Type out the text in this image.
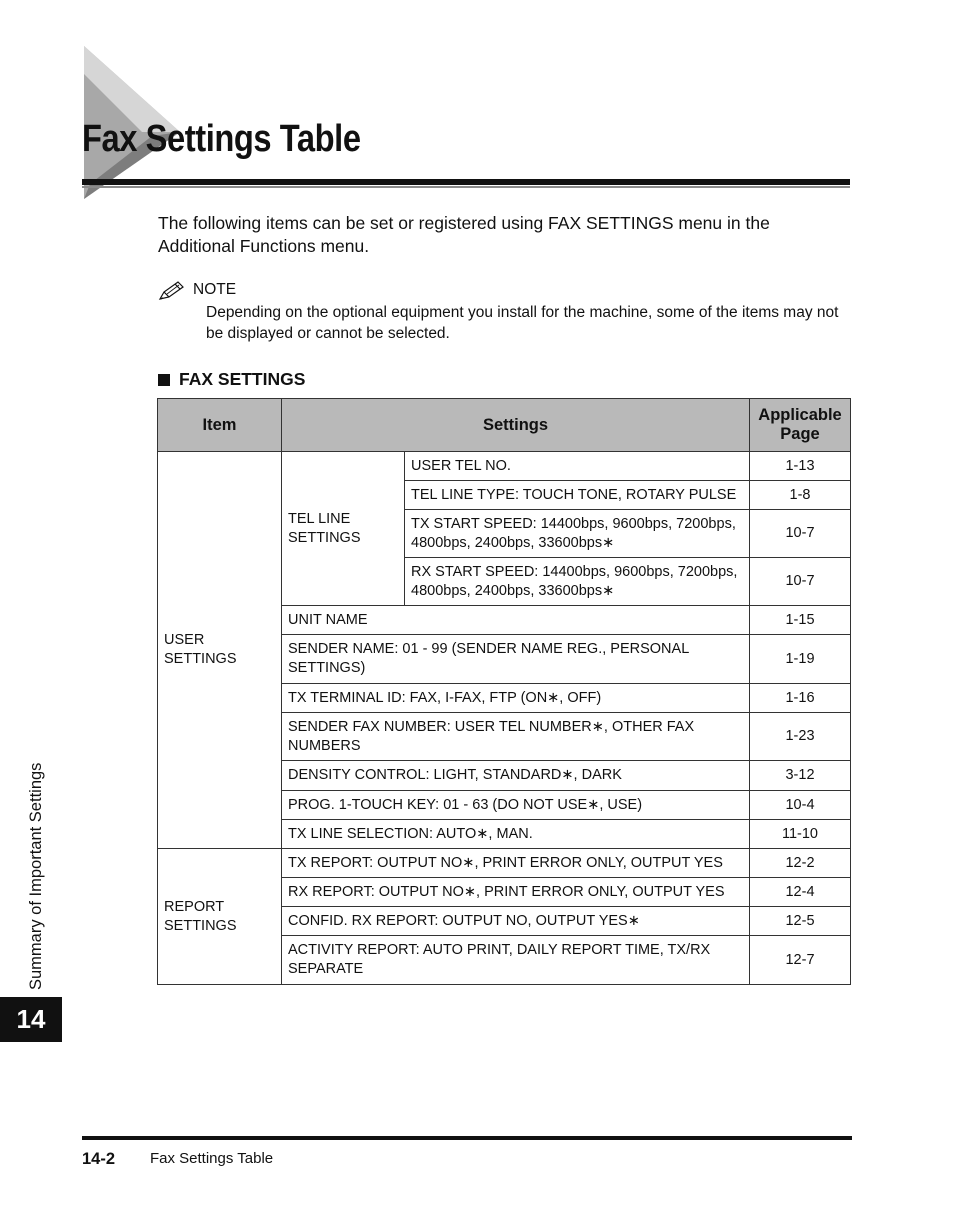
Fax Settings Table

The following items can be set or registered using FAX SETTINGS menu in the Additional Functions menu.

NOTE

Depending on the optional equipment you install for the machine, some of the items may not be displayed or cannot be selected.

FAX SETTINGS
Item	Settings		Applicable Page
USER SETTINGS	TEL LINE SETTINGS	USER TEL NO.	1-13
		TEL LINE TYPE: TOUCH TONE, ROTARY PULSE	1-8
		TX START SPEED: 14400bps, 9600bps, 7200bps, 4800bps, 2400bps, 33600bps∗	10-7
		RX START SPEED: 14400bps, 9600bps, 7200bps, 4800bps, 2400bps, 33600bps∗	10-7
	UNIT NAME		1-15
	SENDER NAME: 01 - 99 (SENDER NAME REG., PERSONAL SETTINGS)		1-19
	TX TERMINAL ID: FAX, I-FAX, FTP (ON∗, OFF)		1-16
	SENDER FAX NUMBER: USER TEL NUMBER∗, OTHER FAX NUMBERS		1-23
	DENSITY CONTROL: LIGHT, STANDARD∗, DARK		3-12
	PROG. 1-TOUCH KEY: 01 - 63 (DO NOT USE∗, USE)		10-4
	TX LINE SELECTION: AUTO∗, MAN.		11-10
REPORT SETTINGS	TX REPORT: OUTPUT NO∗, PRINT ERROR ONLY, OUTPUT YES		12-2
	RX REPORT: OUTPUT NO∗, PRINT ERROR ONLY, OUTPUT YES		12-4
	CONFID. RX REPORT: OUTPUT NO, OUTPUT YES∗		12-5
	ACTIVITY REPORT: AUTO PRINT, DAILY REPORT TIME, TX/RX SEPARATE		12-7
Summary of Important Settings
14
14-2 Fax Settings Table
